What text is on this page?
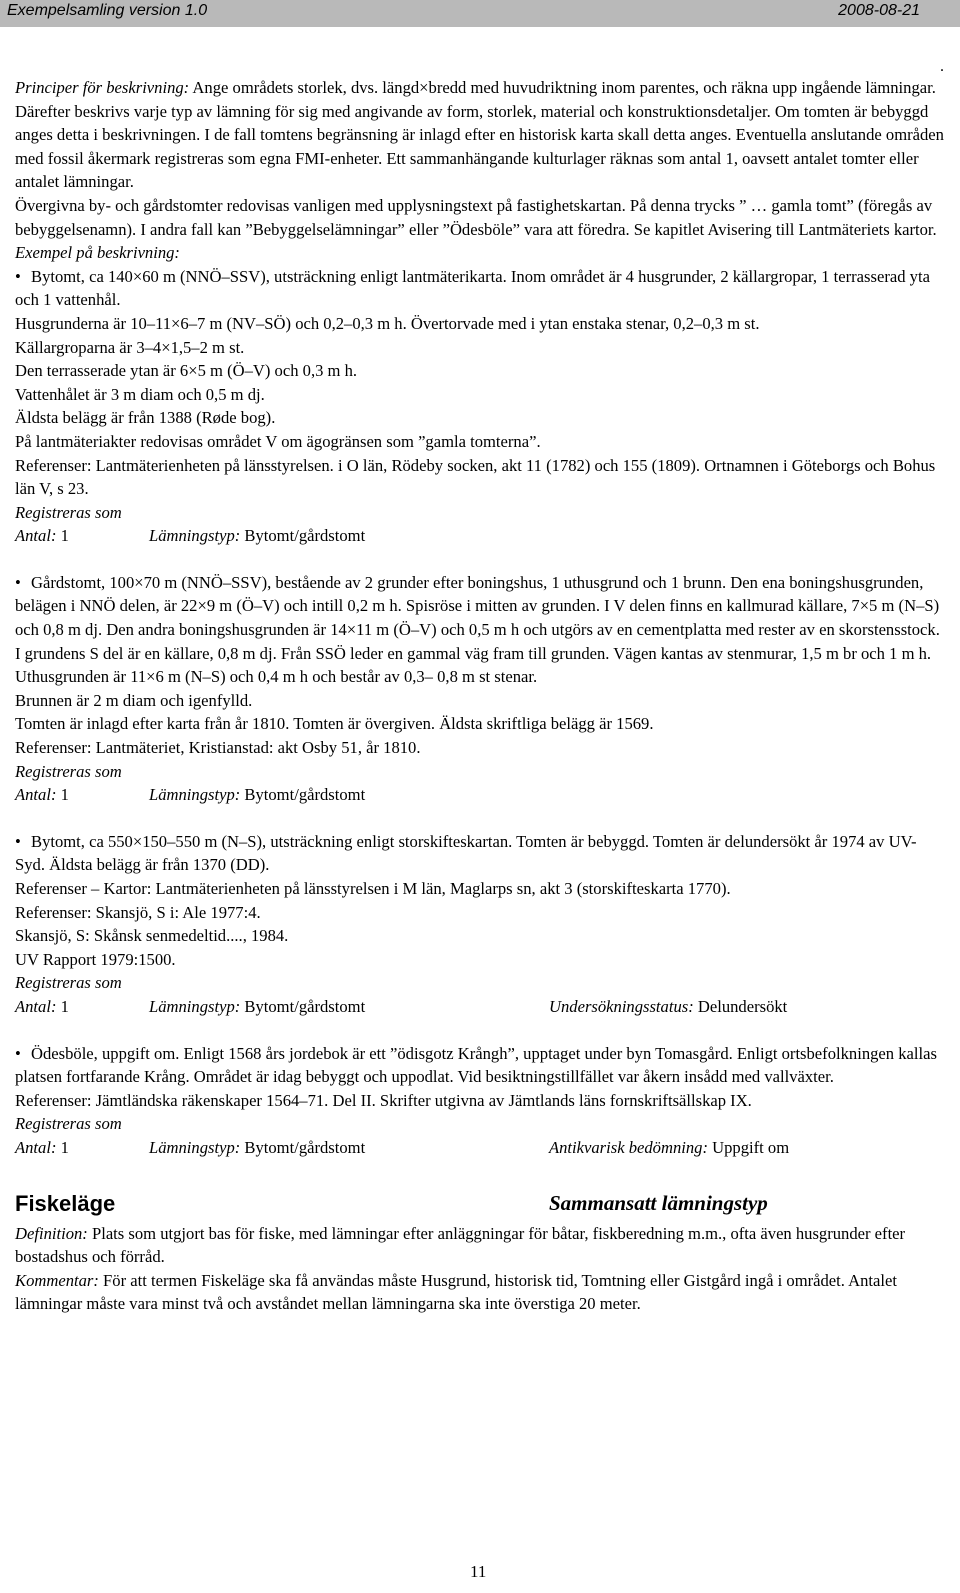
Exempelsamling version 1.0	2008-08-21
.

Principer för beskrivning: Ange områdets storlek, dvs. längd×bredd med huvudriktning inom parentes, och räkna upp ingående lämningar. Därefter beskrivs varje typ av lämning för sig med angivande av form, storlek, material och konstruktionsdetaljer. Om tomten är bebyggd anges detta i beskrivningen. I de fall tomtens begränsning är inlagd efter en historisk karta skall detta anges. Eventuella anslutande områden med fossil åkermark registreras som egna FMI-enheter. Ett sammanhängande kulturlager räknas som antal 1, oavsett antalet tomter eller antalet lämningar.

Övergivna by- och gårdstomter redovisas vanligen med upplysningstext på fastighetskartan. På denna trycks ” … gamla tomt” (föregås av bebyggelsenamn). I andra fall kan ”Bebyggelselämningar” eller ”Ödesböle” vara att föredra. Se kapitlet Avisering till Lantmäteriets kartor.

Exempel på beskrivning:

• Bytomt, ca 140×60 m (NNÖ–SSV), utsträckning enligt lantmäterikarta. Inom området är 4 husgrunder, 2 källargropar, 1 terrasserad yta och 1 vattenhål.

Husgrunderna är 10–11×6–7 m (NV–SÖ) och 0,2–0,3 m h. Övertorvade med i ytan enstaka stenar, 0,2–0,3 m st.

Källargroparna är 3–4×1,5–2 m st.

Den terrasserade ytan är 6×5 m (Ö–V) och 0,3 m h.

Vattenhålet är 3 m diam och 0,5 m dj.

Äldsta belägg är från 1388 (Røde bog).

På lantmäteriakter redovisas området V om ägogränsen som ”gamla tomterna”.

Referenser: Lantmäterienheten på länsstyrelsen. i O län, Rödeby socken, akt 11 (1782) och 155 (1809). Ortnamnen i Göteborgs och Bohus län V, s 23.

Registreras som

Antal: 1	Lämningstyp: Bytomt/gårdstomt

• Gårdstomt, 100×70 m (NNÖ–SSV), bestående av 2 grunder efter boningshus, 1 uthusgrund och 1 brunn. Den ena boningshusgrunden, belägen i NNÖ delen, är 22×9 m (Ö–V) och intill 0,2 m h. Spisröse i mitten av grunden. I V delen finns en kallmurad källare, 7×5 m (N–S) och 0,8 m dj. Den andra boningshusgrunden är 14×11 m (Ö–V) och 0,5 m h och utgörs av en cementplatta med rester av en skorstensstock. I grundens S del är en källare, 0,8 m dj. Från SSÖ leder en gammal väg fram till grunden. Vägen kantas av stenmurar, 1,5 m br och 1 m h.

Uthusgrunden är 11×6 m (N–S) och 0,4 m h och består av 0,3– 0,8 m st stenar.

Brunnen är 2 m diam och igenfylld.

Tomten är inlagd efter karta från år 1810. Tomten är övergiven. Äldsta skriftliga belägg är 1569.

Referenser: Lantmäteriet, Kristianstad: akt Osby 51, år 1810.

Registreras som

Antal: 1	Lämningstyp: Bytomt/gårdstomt

• Bytomt, ca 550×150–550 m (N–S), utsträckning enligt storskifteskartan. Tomten är bebyggd. Tomten är delundersökt år 1974 av UV-Syd. Äldsta belägg är från 1370 (DD).

Referenser – Kartor: Lantmäterienheten på länsstyrelsen i M län, Maglarps sn, akt 3 (storskifteskarta 1770).

Referenser: Skansjö, S i: Ale 1977:4.

Skansjö, S: Skånsk senmedeltid...., 1984.

UV Rapport 1979:1500.

Registreras som

Antal: 1	Lämningstyp: Bytomt/gårdstomt	Undersökningsstatus: Delundersökt

• Ödesböle, uppgift om. Enligt 1568 års jordebok är ett ”ödisgotz Krångh”, upptaget under byn Tomasgård. Enligt ortsbefolkningen kallas platsen fortfarande Krång. Området är idag bebyggt och uppodlat. Vid besiktningstillfället var åkern insådd med vallväxter.

Referenser: Jämtländska räkenskaper 1564–71. Del II. Skrifter utgivna av Jämtlands läns fornskriftsällskap IX.

Registreras som

Antal: 1	Lämningstyp: Bytomt/gårdstomt	Antikvarisk bedömning: Uppgift om
Fiskeläge	Sammansatt lämningstyp

Definition: Plats som utgjort bas för fiske, med lämningar efter anläggningar för båtar, fiskberedning m.m., ofta även husgrunder efter bostadshus och förråd.

Kommentar: För att termen Fiskeläge ska få användas måste Husgrund, historisk tid, Tomtning eller Gistgård ingå i området. Antalet lämningar måste vara minst två och avståndet mellan lämningarna ska inte överstiga 20 meter.

11
